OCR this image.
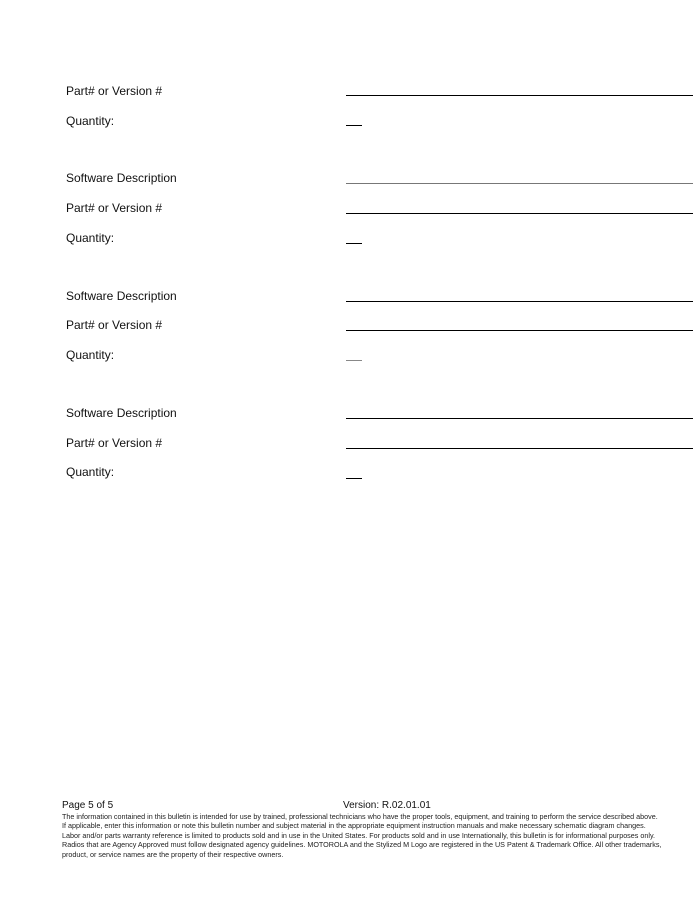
Part# or Version #
Quantity:
Software Description
Part# or Version #
Quantity:
Software Description
Part# or Version #
Quantity:
Software Description
Part# or Version #
Quantity:
Page 5 of 5	Version: R.02.01.01
The information contained in this bulletin is intended for use by trained, professional technicians who have the proper tools, equipment, and training to perform the service described above. If applicable, enter this information or note this bulletin number and subject material in the appropriate equipment instruction manuals and make necessary schematic diagram changes. Labor and/or parts warranty reference is limited to products sold and in use in the United States. For products sold and in use Internationally, this bulletin is for informational purposes only. Radios that are Agency Approved must follow designated agency guidelines. MOTOROLA and the Stylized M Logo are registered in the US Patent & Trademark Office. All other trademarks, product, or service names are the property of their respective owners.
